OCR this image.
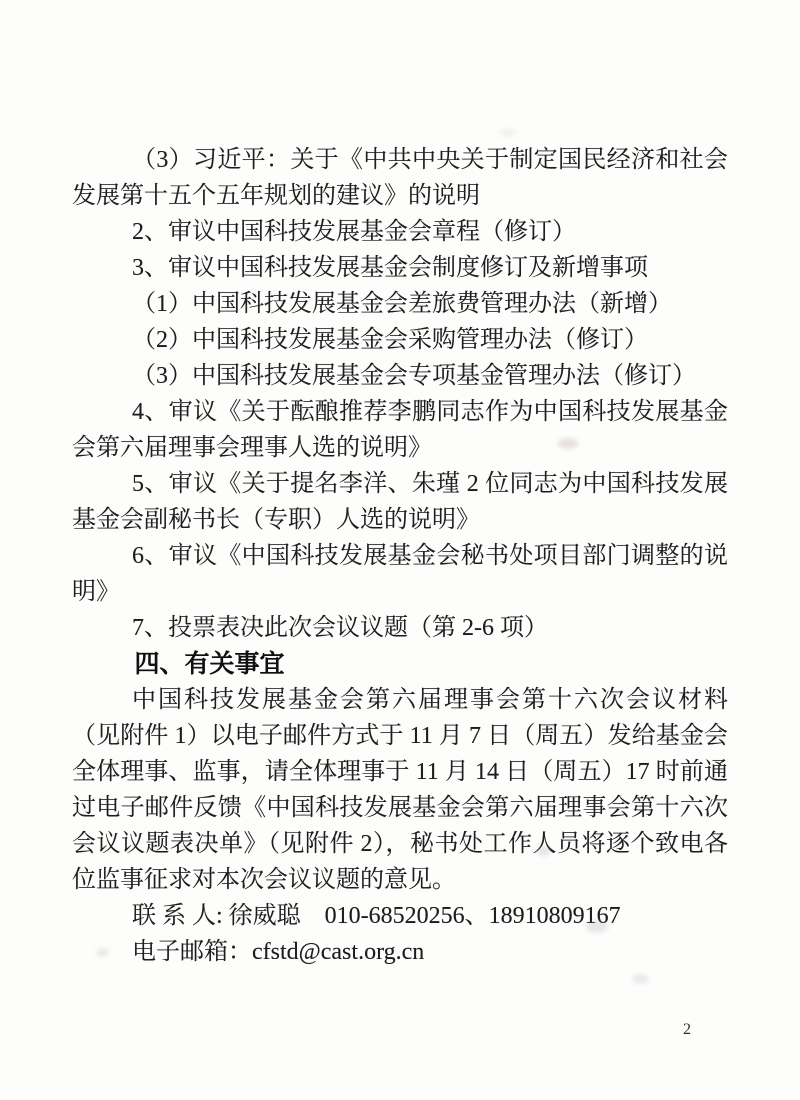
（3）习近平：关于《中共中央关于制定国民经济和社会发展第十五个五年规划的建议》的说明

2、审议中国科技发展基金会章程（修订）

3、审议中国科技发展基金会制度修订及新增事项

（1）中国科技发展基金会差旅费管理办法（新增）

（2）中国科技发展基金会采购管理办法（修订）

（3）中国科技发展基金会专项基金管理办法（修订）

4、审议《关于酝酿推荐李鹏同志作为中国科技发展基金会第六届理事会理事人选的说明》

5、审议《关于提名李洋、朱瑾 2 位同志为中国科技发展基金会副秘书长（专职）人选的说明》

6、审议《中国科技发展基金会秘书处项目部门调整的说明》

7、投票表决此次会议议题（第 2-6 项）

四、有关事宜

中国科技发展基金会第六届理事会第十六次会议材料（见附件 1）以电子邮件方式于 11 月 7 日（周五）发给基金会全体理事、监事，请全体理事于 11 月 14 日（周五）17 时前通过电子邮件反馈《中国科技发展基金会第六届理事会第十六次会议议题表决单》（见附件 2），秘书处工作人员将逐个致电各位监事征求对本次会议议题的意见。

联 系 人: 徐威聪　010-68520256、18910809167

电子邮箱：cfstd@cast.org.cn

2
